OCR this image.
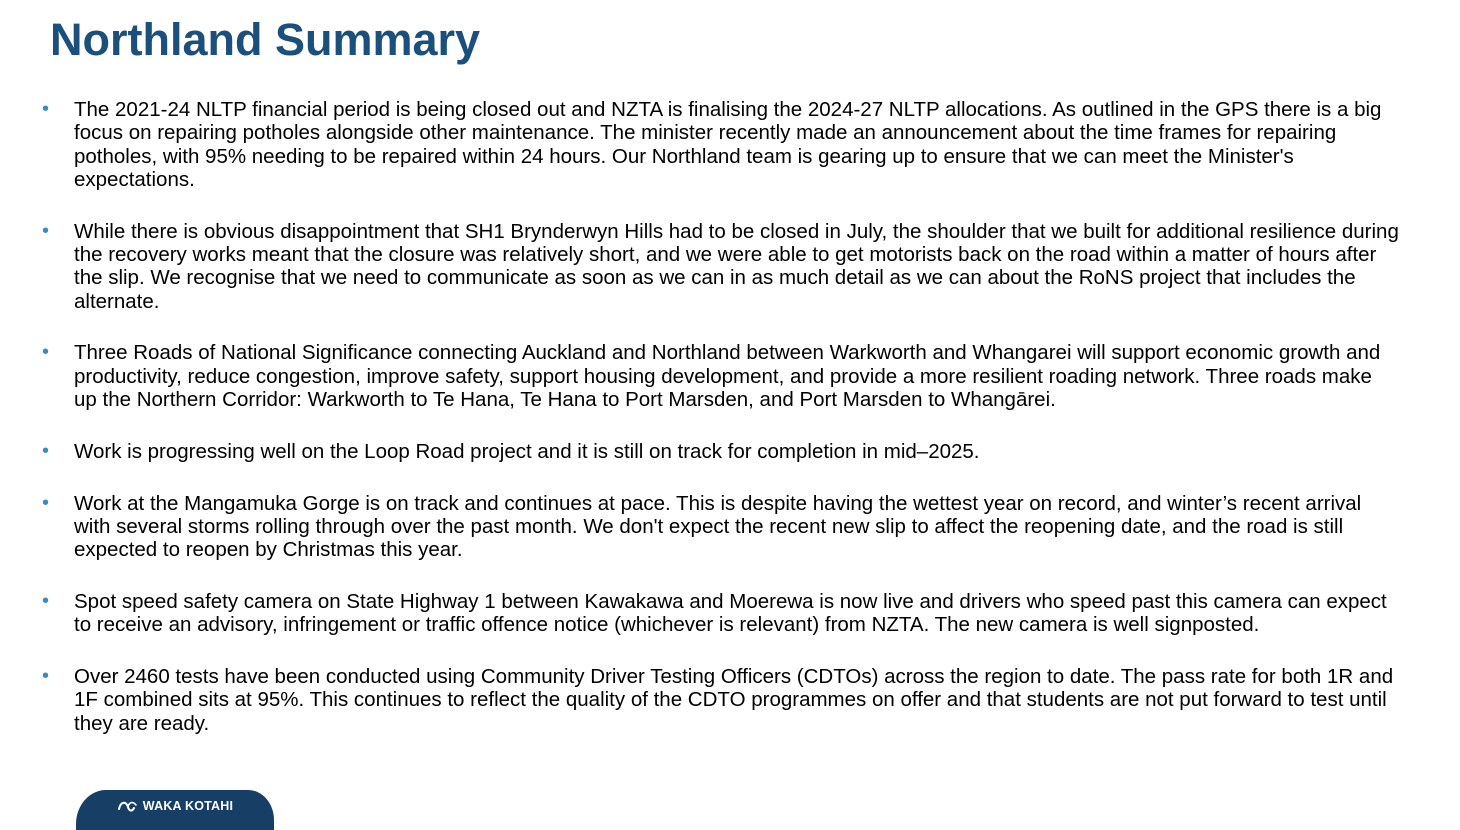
Northland Summary
• The 2021-24 NLTP financial period is being closed out and NZTA is finalising the 2024-27 NLTP allocations. As outlined in the GPS there is a big focus on repairing potholes alongside other maintenance. The minister recently made an announcement about the time frames for repairing potholes, with 95% needing to be repaired within 24 hours. Our Northland team is gearing up to ensure that we can meet the Minister's expectations.
• While there is obvious disappointment that SH1 Brynderwyn Hills had to be closed in July, the shoulder that we built for additional resilience during the recovery works meant that the closure was relatively short, and we were able to get motorists back on the road within a matter of hours after the slip. We recognise that we need to communicate as soon as we can in as much detail as we can about the RoNS project that includes the alternate.
• Three Roads of National Significance connecting Auckland and Northland between Warkworth and Whangarei will support economic growth and productivity, reduce congestion, improve safety, support housing development, and provide a more resilient roading network. Three roads make up the Northern Corridor: Warkworth to Te Hana, Te Hana to Port Marsden, and Port Marsden to Whangārei.
• Work is progressing well on the Loop Road project and it is still on track for completion in mid–2025.
• Work at the Mangamuka Gorge is on track and continues at pace. This is despite having the wettest year on record, and winter’s recent arrival with several storms rolling through over the past month. We don't expect the recent new slip to affect the reopening date, and the road is still expected to reopen by Christmas this year.
• Spot speed safety camera on State Highway 1 between Kawakawa and Moerewa is now live and drivers who speed past this camera can expect to receive an advisory, infringement or traffic offence notice (whichever is relevant) from NZTA. The new camera is well signposted.
• Over 2460 tests have been conducted using Community Driver Testing Officers (CDTOs) across the region to date. The pass rate for both 1R and 1F combined sits at 95%. This continues to reflect the quality of the CDTO programmes on offer and that students are not put forward to test until they are ready.
WAKA KOTAHI
